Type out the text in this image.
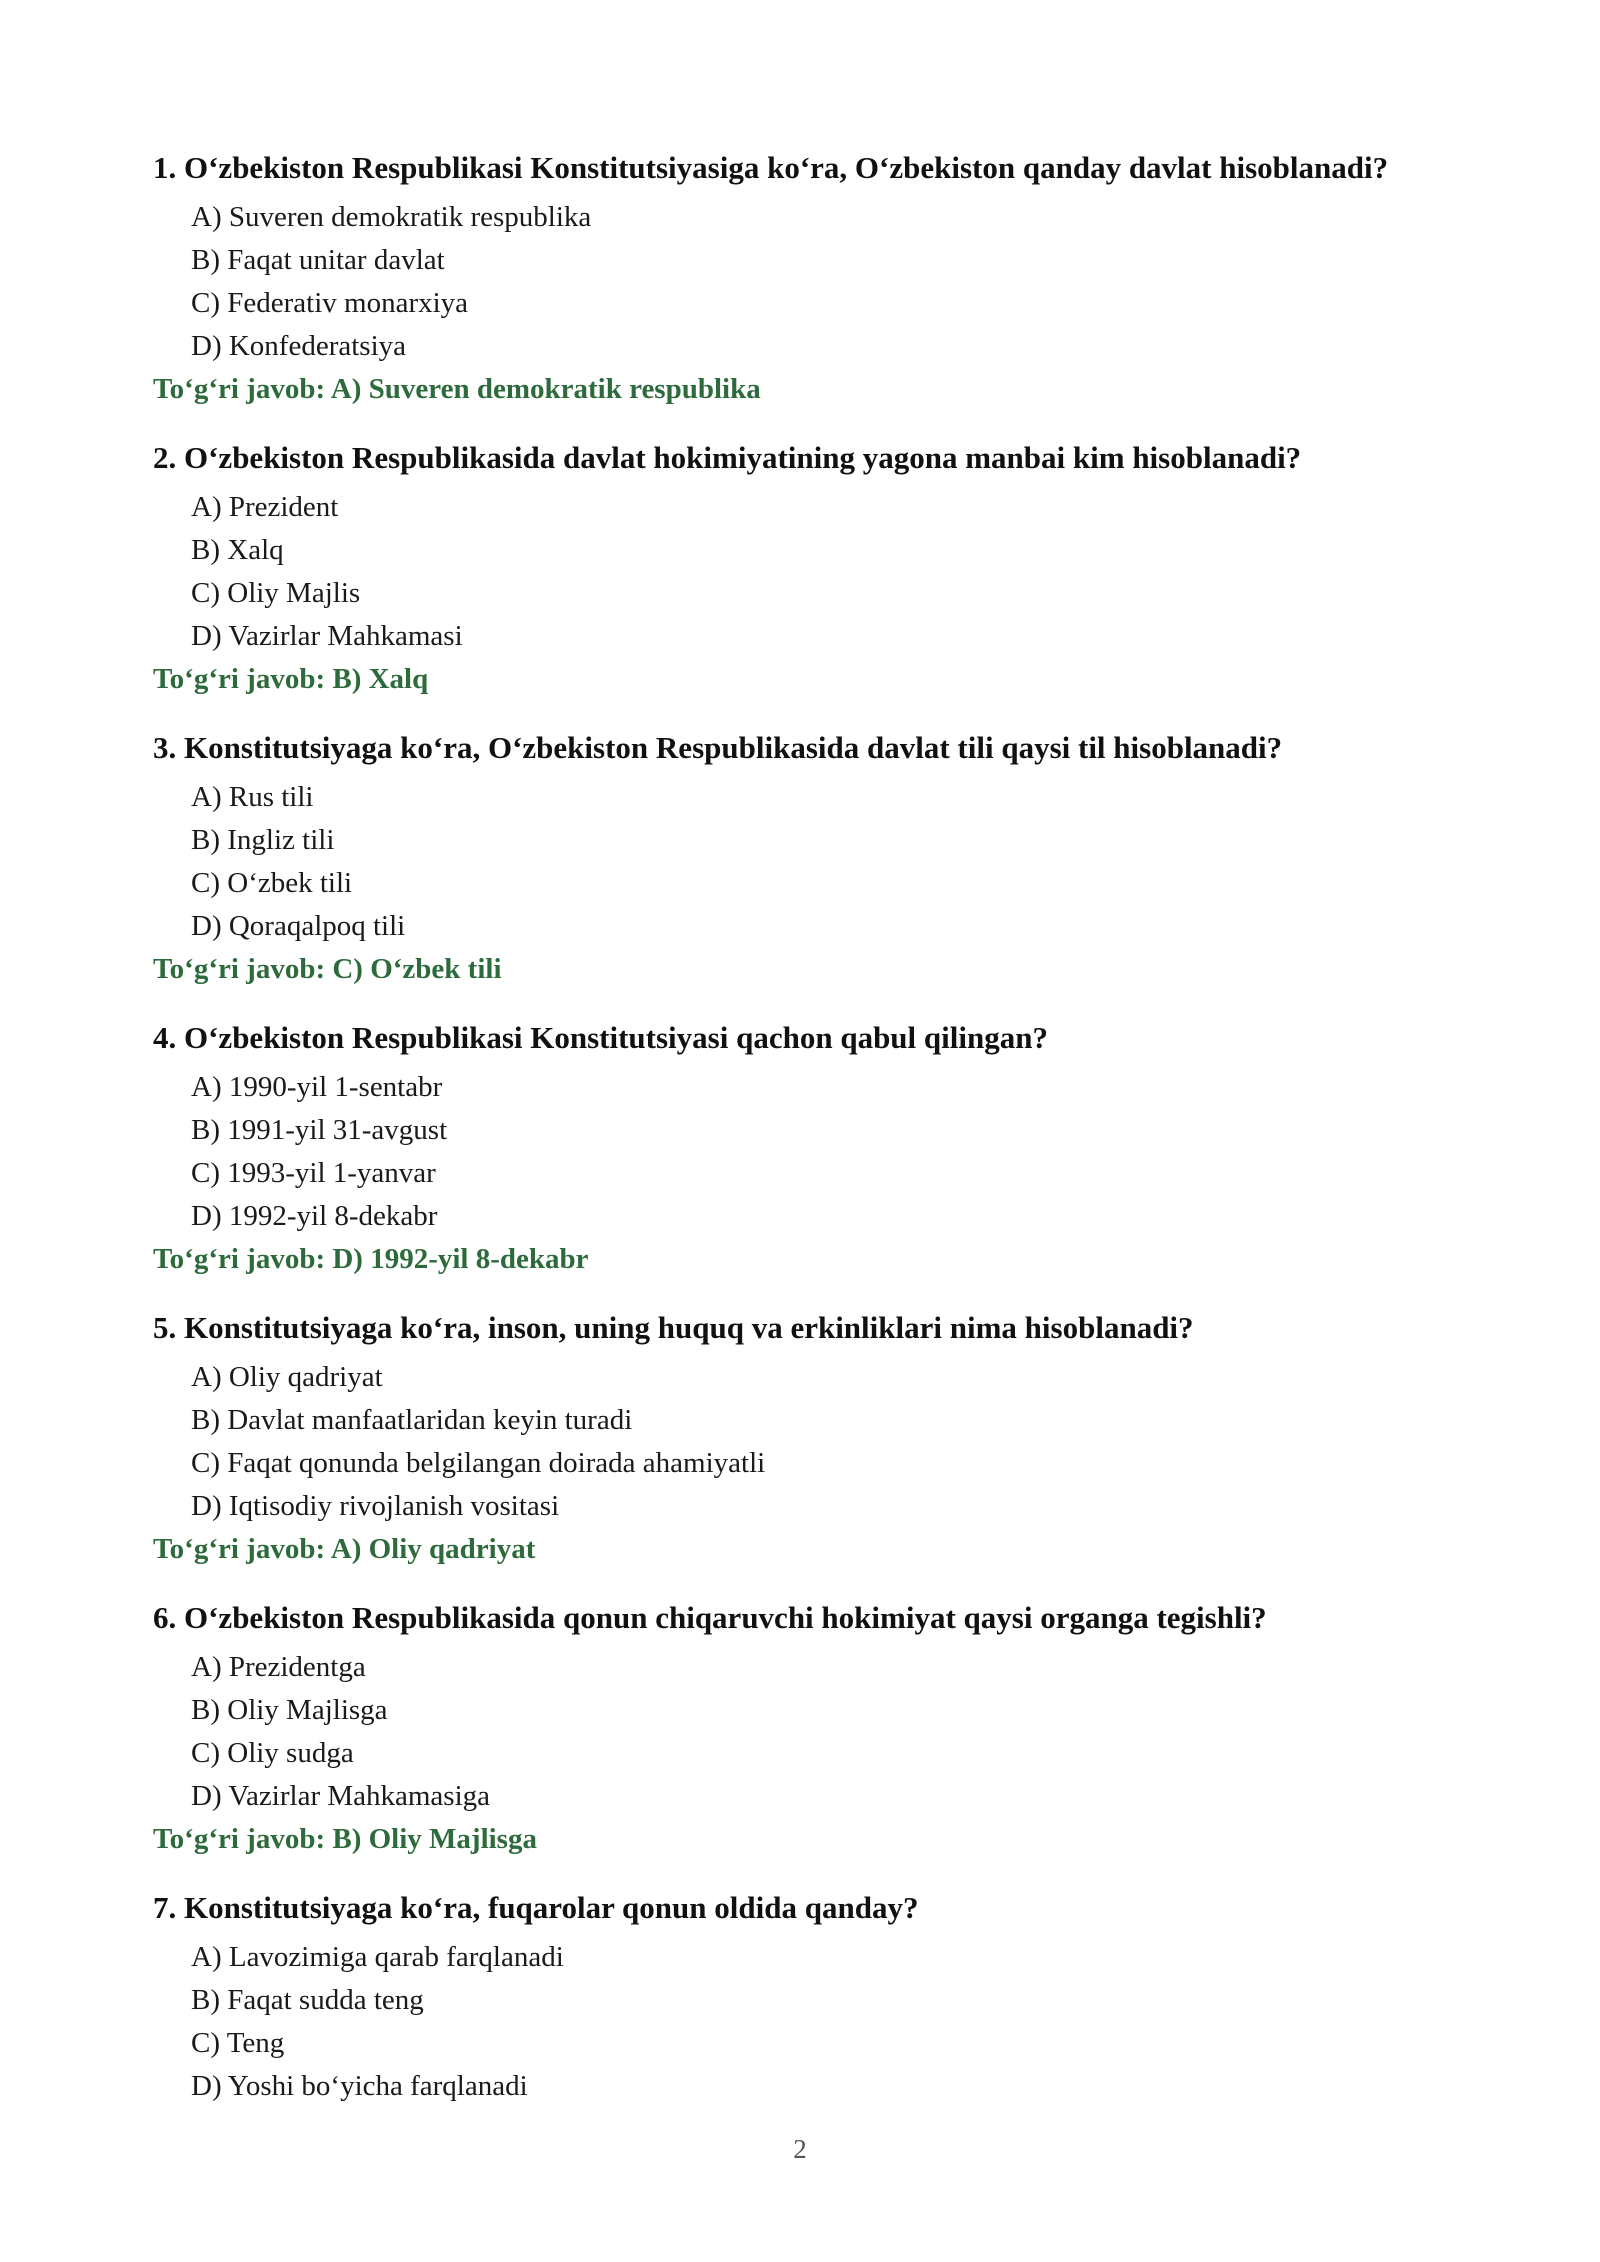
1. O‘zbekiston Respublikasi Konstitutsiyasiga ko‘ra, O‘zbekiston qanday davlat hisoblanadi?
A) Suveren demokratik respublika
B) Faqat unitar davlat
C) Federativ monarxiya
D) Konfederatsiya
To‘g‘ri javob: A) Suveren demokratik respublika
2. O‘zbekiston Respublikasida davlat hokimiyatining yagona manbai kim hisoblanadi?
A) Prezident
B) Xalq
C) Oliy Majlis
D) Vazirlar Mahkamasi
To‘g‘ri javob: B) Xalq
3. Konstitutsiyaga ko‘ra, O‘zbekiston Respublikasida davlat tili qaysi til hisoblanadi?
A) Rus tili
B) Ingliz tili
C) O‘zbek tili
D) Qoraqalpoq tili
To‘g‘ri javob: C) O‘zbek tili
4. O‘zbekiston Respublikasi Konstitutsiyasi qachon qabul qilingan?
A) 1990-yil 1-sentabr
B) 1991-yil 31-avgust
C) 1993-yil 1-yanvar
D) 1992-yil 8-dekabr
To‘g‘ri javob: D) 1992-yil 8-dekabr
5. Konstitutsiyaga ko‘ra, inson, uning huquq va erkinliklari nima hisoblanadi?
A) Oliy qadriyat
B) Davlat manfaatlaridan keyin turadi
C) Faqat qonunda belgilangan doirada ahamiyatli
D) Iqtisodiy rivojlanish vositasi
To‘g‘ri javob: A) Oliy qadriyat
6. O‘zbekiston Respublikasida qonun chiqaruvchi hokimiyat qaysi organga tegishli?
A) Prezidentga
B) Oliy Majlisga
C) Oliy sudga
D) Vazirlar Mahkamasiga
To‘g‘ri javob: B) Oliy Majlisga
7. Konstitutsiyaga ko‘ra, fuqarolar qonun oldida qanday?
A) Lavozimiga qarab farqlanadi
B) Faqat sudda teng
C) Teng
D) Yoshi bo‘yicha farqlanadi
2
